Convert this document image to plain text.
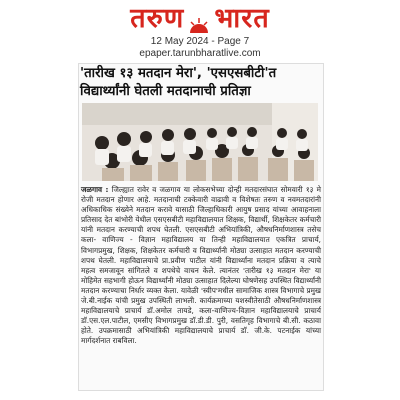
तरुण भारत
12 May 2024 - Page 7
epaper.tarunbharatlive.com
'तारीख १३ मतदान मेरा', 'एसएसबीटी'त
विद्यार्थ्यांनी घेतली मतदानाची प्रतिज्ञा
जळगाव : जिल्ह्यात रावेर व जळगाव या लोकसभेच्या दोन्ही मतदारसंघात सोमवारी १३ मे रोजी मतदान होणार आहे. मतदानाची टक्केवारी वाढावी व विशेषतः तरुण व नवमतदारांनी अधिकाधिक संख्येने मतदान करावे यासाठी जिल्हाधिकारी आयुष प्रसाद यांच्या आवाहनाला प्रतिसाद देत बांभोरी येथील एसएसबीटी महाविद्यालयात शिक्षक, विद्यार्थी, शिक्षकेतर कर्मचारी यांनी मतदान करण्याची शपथ घेतली. एसएसबीटी अभियांत्रिकी, औषधनिर्माणशास्त्र तसेच कला- वाणिज्य - विज्ञान महाविद्यालय या तिन्ही महाविद्यालयात एकत्रित प्राचार्य, विभागप्रमुख, शिक्षक, शिक्षकेतर कर्मचारी व विद्यार्थ्यांनी मोठ्या उत्साहात मतदान करण्याची शपथ घेतली. महाविद्यालयाचे प्रा.प्रवीण पाटील यांनी विद्यार्थ्यांना मतदान प्रक्रिया व त्याचे महत्व समजावून सांगितले व शपथेचे वाचन केले. त्यानंतर 'तारीख १३ मतदान मेरा' या मोहिमेत सहभागी होऊन विद्यार्थ्यांनी मोठ्या उत्साहात दिलेल्या घोषणेसह उपस्थित विद्यार्थ्यांनी मतदान करण्याचा निर्धार व्यक्त केला. यावेळी 'स्वीप'मधील सामाजिक शास्त्र विभागाचे प्रमुख जे.बी.नाईक यांची प्रमुख उपस्थिती लाभली. कार्यक्रमाच्या यशस्वीतेसाठी औषधनिर्माणशास्त्र महाविद्यालयाचे प्राचार्य डॉ.अमोल तायडे, कला-वाणिज्य-विज्ञान महाविद्यालयाचे प्राचार्य डॉ.एस.एल.पाटील, एमसीए विभागप्रमुख डॉ.डी.डी. पुरी, वसतिगृह विभागाचे बी.सी. कठावा होते. उपक्रमासाठी अभियांत्रिकी महाविद्यालयाचे प्राचार्य डॉ. जी.के. पटनाईक यांच्या मार्गदर्शनात राबविला.
